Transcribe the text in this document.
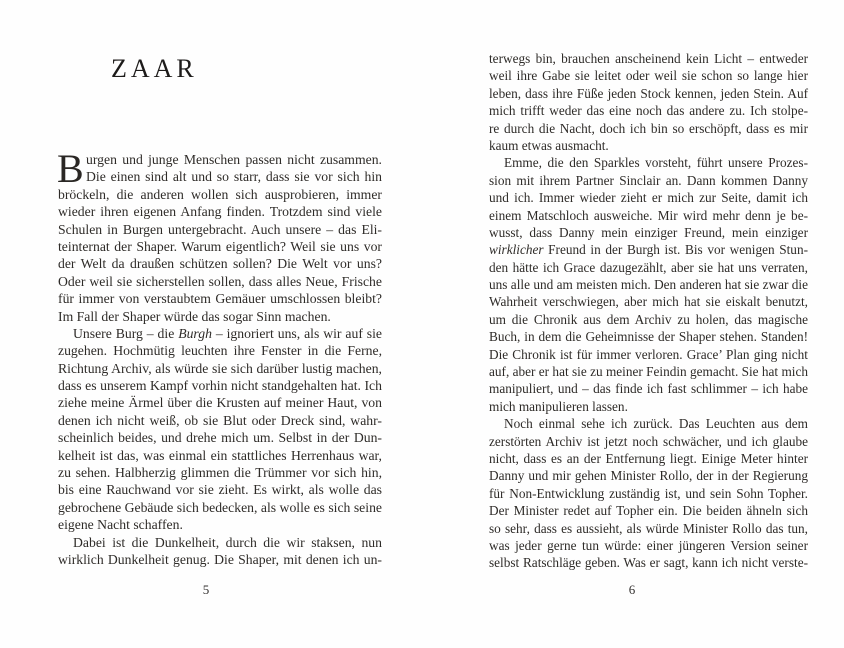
ZAAR
B urgen und junge Menschen passen nicht zusammen.
Die einen sind alt und so starr, dass sie vor sich hin
bröckeln, die anderen wollen sich ausprobieren, immer
wieder ihren eigenen Anfang finden. Trotzdem sind viele
Schulen in Burgen untergebracht. Auch unsere – das Eli-
teinternat der Shaper. Warum eigentlich? Weil sie uns vor
der Welt da draußen schützen sollen? Die Welt vor uns?
Oder weil sie sicherstellen sollen, dass alles Neue, Frische
für immer von verstaubtem Gemäuer umschlossen bleibt?
Im Fall der Shaper würde das sogar Sinn machen.
Unsere Burg – die Burgh – ignoriert uns, als wir auf sie
zugehen. Hochmütig leuchten ihre Fenster in die Ferne,
Richtung Archiv, als würde sie sich darüber lustig machen,
dass es unserem Kampf vorhin nicht standgehalten hat. Ich
ziehe meine Ärmel über die Krusten auf meiner Haut, von
denen ich nicht weiß, ob sie Blut oder Dreck sind, wahr-
scheinlich beides, und drehe mich um. Selbst in der Dun-
kelheit ist das, was einmal ein stattliches Herrenhaus war,
zu sehen. Halbherzig glimmen die Trümmer vor sich hin,
bis eine Rauchwand vor sie zieht. Es wirkt, als wolle das
gebrochene Gebäude sich bedecken, als wolle es sich seine
eigene Nacht schaffen.
Dabei ist die Dunkelheit, durch die wir staksen, nun
wirklich Dunkelheit genug. Die Shaper, mit denen ich un-
terwegs bin, brauchen anscheinend kein Licht – entweder
weil ihre Gabe sie leitet oder weil sie schon so lange hier
leben, dass ihre Füße jeden Stock kennen, jeden Stein. Auf
mich trifft weder das eine noch das andere zu. Ich stolpe-
re durch die Nacht, doch ich bin so erschöpft, dass es mir
kaum etwas ausmacht.
Emme, die den Sparkles vorsteht, führt unsere Prozes-
sion mit ihrem Partner Sinclair an. Dann kommen Danny
und ich. Immer wieder zieht er mich zur Seite, damit ich
einem Matschloch ausweiche. Mir wird mehr denn je be-
wusst, dass Danny mein einziger Freund, mein einziger
wirklicher Freund in der Burgh ist. Bis vor wenigen Stun-
den hätte ich Grace dazugezählt, aber sie hat uns verraten,
uns alle und am meisten mich. Den anderen hat sie zwar die
Wahrheit verschwiegen, aber mich hat sie eiskalt benutzt,
um die Chronik aus dem Archiv zu holen, das magische
Buch, in dem die Geheimnisse der Shaper stehen. Standen!
Die Chronik ist für immer verloren. Grace’ Plan ging nicht
auf, aber er hat sie zu meiner Feindin gemacht. Sie hat mich
manipuliert, und – das finde ich fast schlimmer – ich habe
mich manipulieren lassen.
Noch einmal sehe ich zurück. Das Leuchten aus dem
zerstörten Archiv ist jetzt noch schwächer, und ich glaube
nicht, dass es an der Entfernung liegt. Einige Meter hinter
Danny und mir gehen Minister Rollo, der in der Regierung
für Non-Entwicklung zuständig ist, und sein Sohn Topher.
Der Minister redet auf Topher ein. Die beiden ähneln sich
so sehr, dass es aussieht, als würde Minister Rollo das tun,
was jeder gerne tun würde: einer jüngeren Version seiner
selbst Ratschläge geben. Was er sagt, kann ich nicht verste-
5	6
